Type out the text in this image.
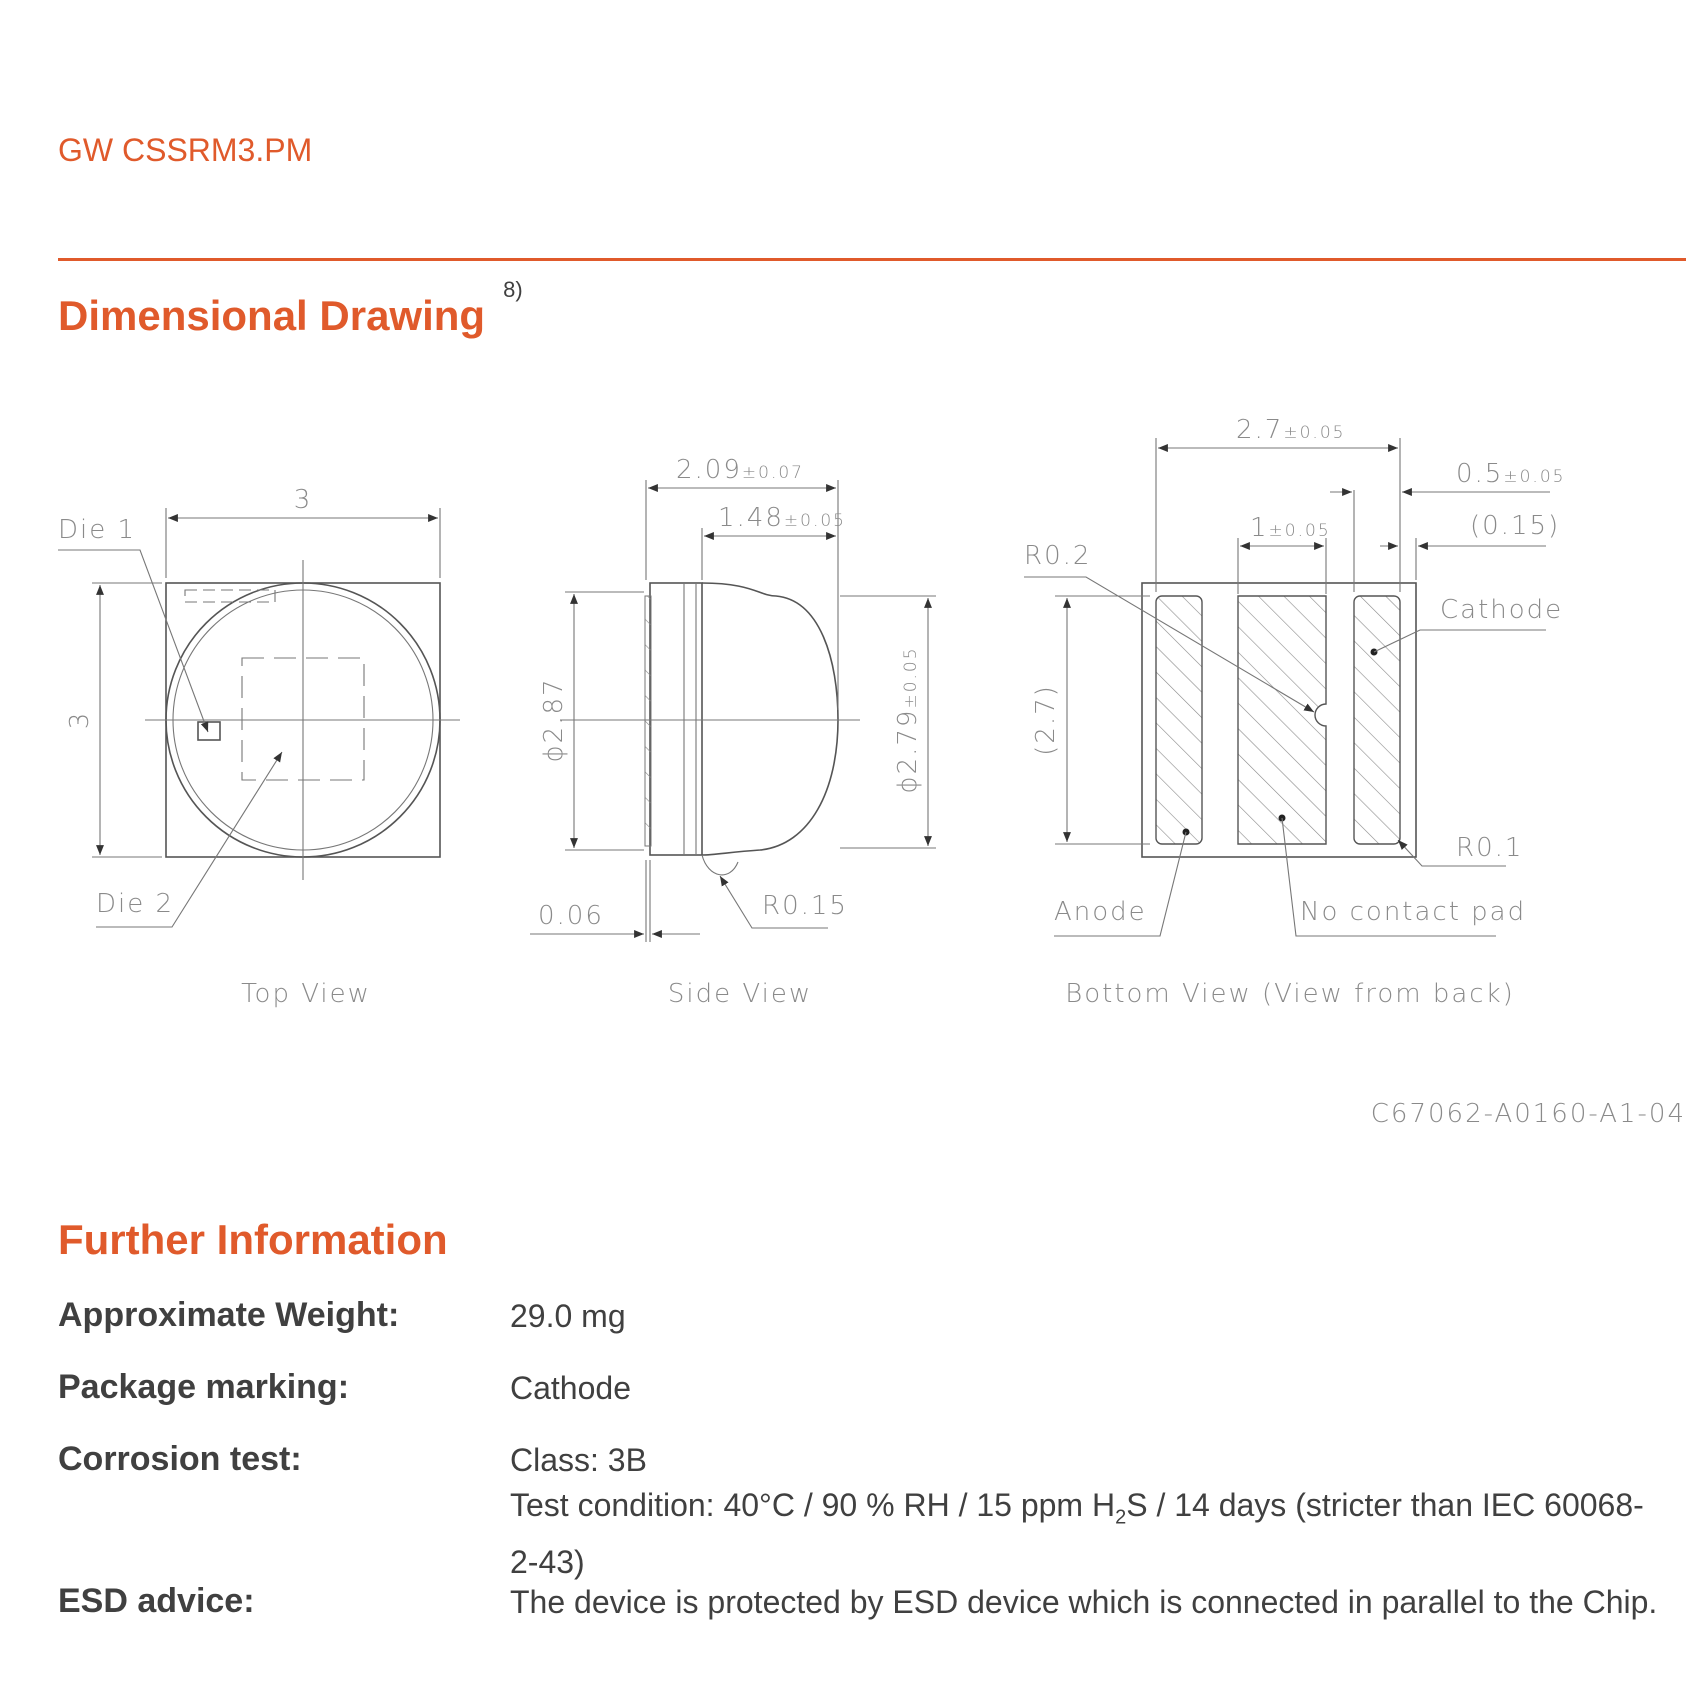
GW CSSRM3.PM
Dimensional Drawing$^{8)}$
3
3
Die 1
Die 2
Top View
2.09±0.07
1.48±0.05
ϕ2.87	ϕ2.79±0.05
0.06	R0.15
Side View
2.7±0.05
0.5±0.05
1±0.05	(0.15)
(2.7)
R0.2
R0.1
Cathode
Anode	No contact pad
Bottom View (View from back)
C67062-A0160-A1-04
Further Information
Approximate Weight:	29.0 mg
Package marking:	Cathode
Corrosion test:	Class: 3B
Test condition: 40°C / 90 % RH / 15 ppm $H_2S / 14$ days (stricter than IEC 60068-2-43)
ESD advice:	The device is protected by ESD device which is connected in parallel to the Chip.
